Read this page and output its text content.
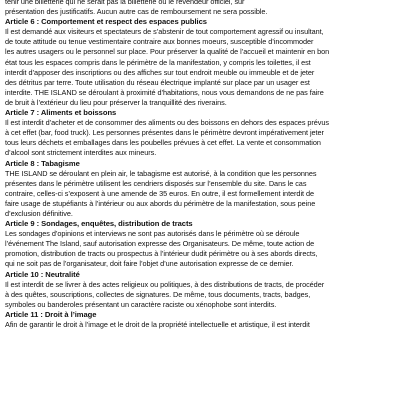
tenir une billetterie qui ne serait pas la billetterie ou le revendeur officiel, sur

présentation des justificatifs. Aucun autre cas de remboursement ne sera possible.

Article 6 : Comportement et respect des espaces publics

Il est demandé aux visiteurs et spectateurs de s’abstenir de tout comportement agressif ou insultant,

de toute attitude ou tenue vestimentaire contraire aux bonnes moeurs, susceptible d’incommoder

les autres usagers ou le personnel sur place. Pour préserver la qualité de l’accueil et maintenir en bon

état tous les espaces compris dans le périmètre de la manifestation, y compris les toilettes, il est

interdit d’apposer des inscriptions ou des affiches sur tout endroit meuble ou immeuble et de jeter

des détritus par terre. Toute utilisation du réseau électrique implanté sur place par un usager est

interdite. THE ISLAND se déroulant à proximité d’habitations, nous vous demandons de ne pas faire

de bruit à l’extérieur du lieu pour préserver la tranquillité des riverains.

Article 7 : Aliments et boissons

Il est interdit d’acheter et de consommer des aliments ou des boissons en dehors des espaces prévus

à cet effet (bar, food truck). Les personnes présentes dans le périmètre devront impérativement jeter

tous leurs déchets et emballages dans les poubelles prévues à cet effet. La vente et consommation

d’alcool sont strictement interdites aux mineurs.

Article 8 : Tabagisme

THE ISLAND se déroulant en plein air, le tabagisme est autorisé, à la condition que les personnes

présentes dans le périmètre utilisent les cendriers disposés sur l’ensemble du site. Dans le cas

contraire, celles-ci s’exposent à une amende de 35 euros. En outre, il est formellement interdit de

faire usage de stupéfiants à l’intérieur ou aux abords du périmètre de la manifestation, sous peine

d’exclusion définitive.

Article 9 : Sondages, enquêtes, distribution de tracts

Les sondages d’opinions et interviews ne sont pas autorisés dans le périmètre où se déroule

l’événement The Island, sauf autorisation expresse des Organisateurs. De même, toute action de

promotion, distribution de tracts ou prospectus à l’intérieur dudit périmètre ou à ses abords directs,

qui ne soit pas de l’organisateur, doit faire l’objet d’une autorisation expresse de ce dernier.

Article 10 : Neutralité

Il est interdit de se livrer à des actes religieux ou politiques, à des distributions de tracts, de procéder

à des quêtes, souscriptions, collectes de signatures. De même, tous documents, tracts, badges,

symboles ou banderoles présentant un caractère raciste ou xénophobe sont interdits.

Article 11 : Droit à l’image

Afin de garantir le droit à l’image et le droit de la propriété intellectuelle et artistique, il est interdit
